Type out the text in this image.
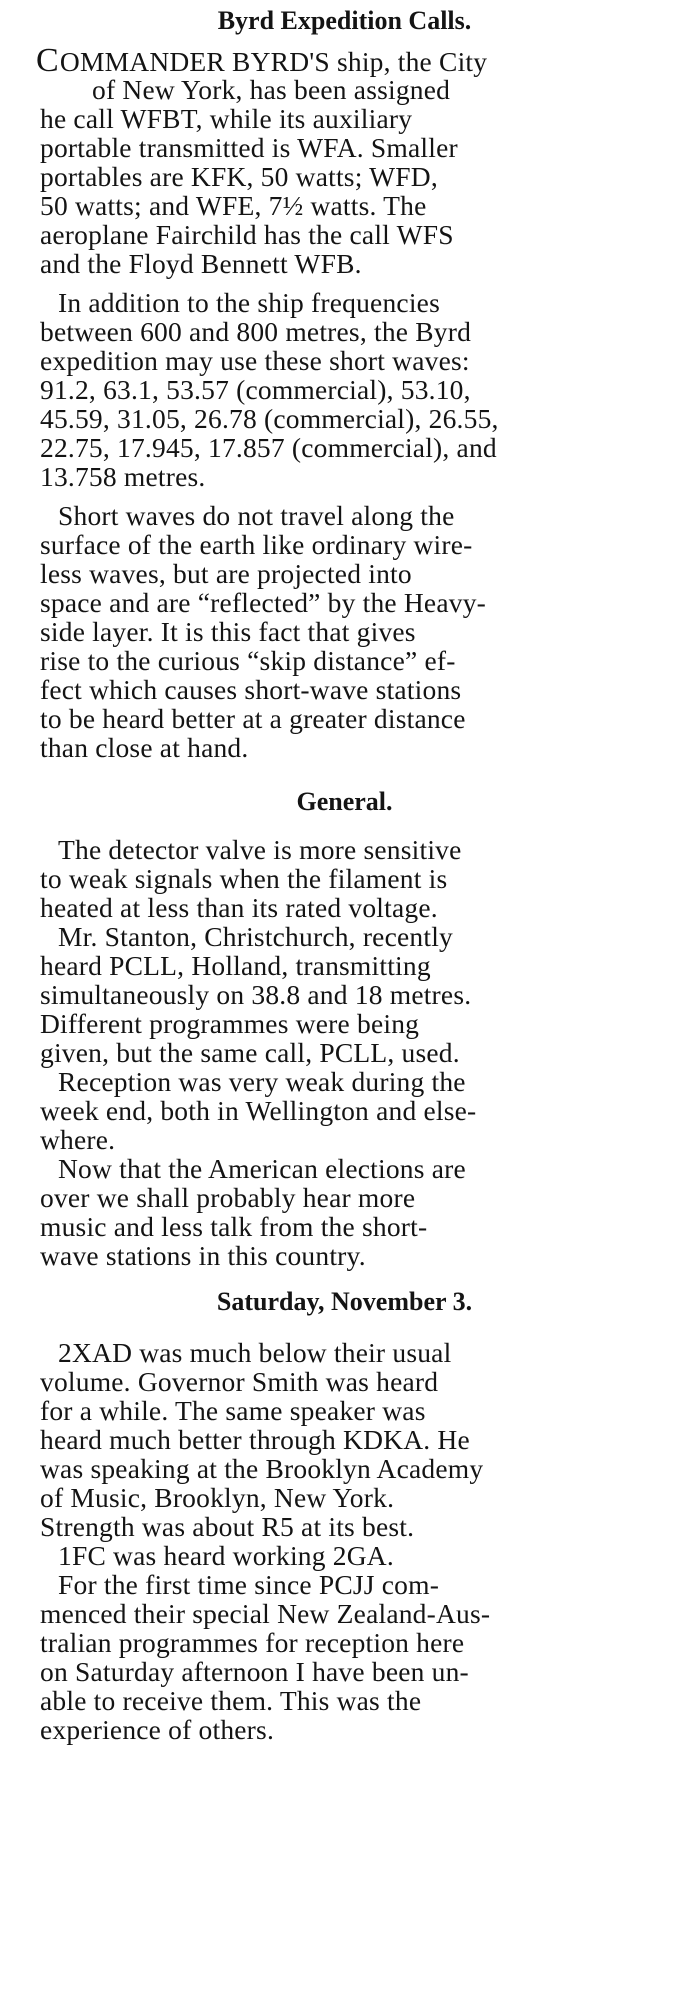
Byrd Expedition Calls.
COMMANDER BYRD'S ship, the City
of New York, has been assigned
he call WFBT, while its auxiliary
portable transmitted is WFA. Smaller
portables are KFK, 50 watts; WFD,
50 watts; and WFE, 7½ watts. The
aeroplane Fairchild has the call WFS
and the Floyd Bennett WFB.
In addition to the ship frequencies
between 600 and 800 metres, the Byrd
expedition may use these short waves:
91.2, 63.1, 53.57 (commercial), 53.10,
45.59, 31.05, 26.78 (commercial), 26.55,
22.75, 17.945, 17.857 (commercial), and
13.758 metres.
Short waves do not travel along the
surface of the earth like ordinary wire-
less waves, but are projected into
space and are “reflected” by the Heavy-
side layer. It is this fact that gives
rise to the curious “skip distance” ef-
fect which causes short-wave stations
to be heard better at a greater distance
than close at hand.
General.
The detector valve is more sensitive
to weak signals when the filament is
heated at less than its rated voltage.
Mr. Stanton, Christchurch, recently
heard PCLL, Holland, transmitting
simultaneously on 38.8 and 18 metres.
Different programmes were being
given, but the same call, PCLL, used.
Reception was very weak during the
week end, both in Wellington and else-
where.
Now that the American elections are
over we shall probably hear more
music and less talk from the short-
wave stations in this country.
Saturday, November 3.
2XAD was much below their usual
volume. Governor Smith was heard
for a while. The same speaker was
heard much better through KDKA. He
was speaking at the Brooklyn Academy
of Music, Brooklyn, New York.
Strength was about R5 at its best.
1FC was heard working 2GA.
For the first time since PCJJ com-
menced their special New Zealand-Aus-
tralian programmes for reception here
on Saturday afternoon I have been un-
able to receive them. This was the
experience of others.
